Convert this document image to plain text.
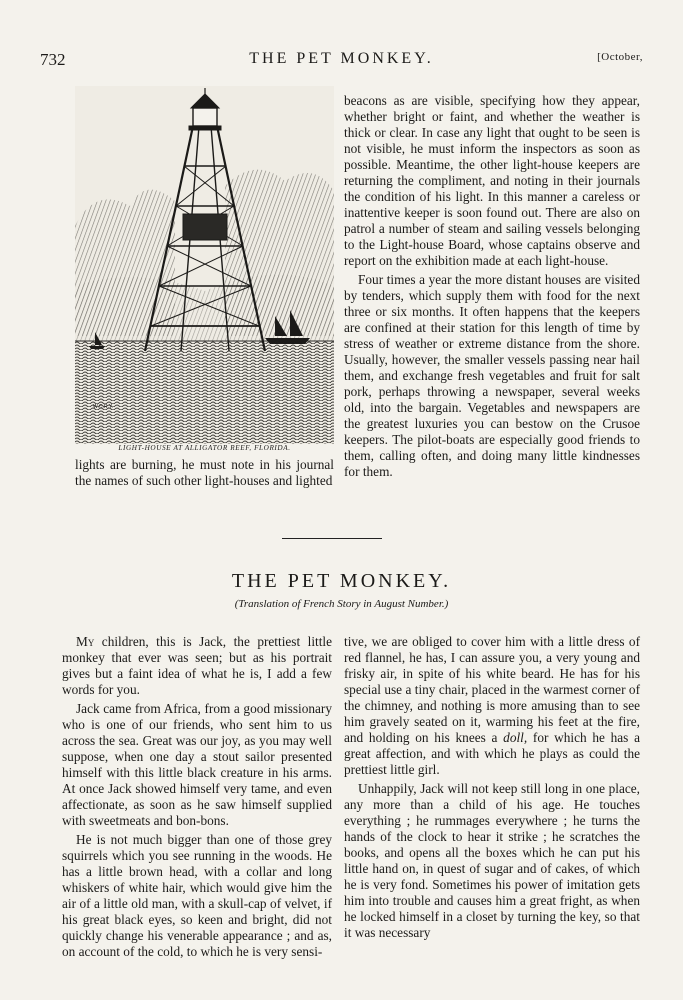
732	THE PET MONKEY.	[October,
W.C.R.Y.
LIGHT-HOUSE AT ALLIGATOR REEF, FLORIDA.

beacons as are visible, specifying how they appear, whether bright or faint, and whether the weather is thick or clear. In case any light that ought to be seen is not visible, he must inform the inspectors as soon as possible. Meantime, the other light-house keepers are returning the compliment, and noting in their journals the condition of his light. In this manner a careless or inattentive keeper is soon found out. There are also on patrol a number of steam and sailing vessels belonging to the Light-house Board, whose captains observe and report on the exhibition made at each light-house.

Four times a year the more distant houses are visited by tenders, which supply them with food for the next three or six months. It often happens that the keepers are confined at their station for this length of time by stress of weather or extreme distance from the shore. Usually, however, the smaller vessels passing near hail them, and exchange fresh vegetables and fruit for salt pork, perhaps throwing a newspaper, several weeks old, into the bargain. Vegetables and newspapers are the greatest luxuries you can bestow on the Crusoe keepers. The pilot-boats are especially good friends to them, calling often, and doing many little kindnesses for them.

lights are burning, he must note in his journal the names of such other light-houses and lighted

THE PET MONKEY.
(Translation of French Story in August Number.)

My children, this is Jack, the prettiest little monkey that ever was seen; but as his portrait gives but a faint idea of what he is, I add a few words for you.

Jack came from Africa, from a good missionary who is one of our friends, who sent him to us across the sea. Great was our joy, as you may well suppose, when one day a stout sailor presented himself with this little black creature in his arms. At once Jack showed himself very tame, and even affectionate, as soon as he saw himself supplied with sweetmeats and bon-bons.

He is not much bigger than one of those grey squirrels which you see running in the woods. He has a little brown head, with a collar and long whiskers of white hair, which would give him the air of a little old man, with a skull-cap of velvet, if his great black eyes, so keen and bright, did not quickly change his venerable appearance ; and as, on account of the cold, to which he is very sensi-

tive, we are obliged to cover him with a little dress of red flannel, he has, I can assure you, a very young and frisky air, in spite of his white beard. He has for his special use a tiny chair, placed in the warmest corner of the chimney, and nothing is more amusing than to see him gravely seated on it, warming his feet at the fire, and holding on his knees a doll, for which he has a great affection, and with which he plays as could the prettiest little girl.

Unhappily, Jack will not keep still long in one place, any more than a child of his age. He touches everything ; he rummages everywhere ; he turns the hands of the clock to hear it strike ; he scratches the books, and opens all the boxes which he can put his little hand on, in quest of sugar and of cakes, of which he is very fond. Sometimes his power of imitation gets him into trouble and causes him a great fright, as when he locked himself in a closet by turning the key, so that it was necessary
